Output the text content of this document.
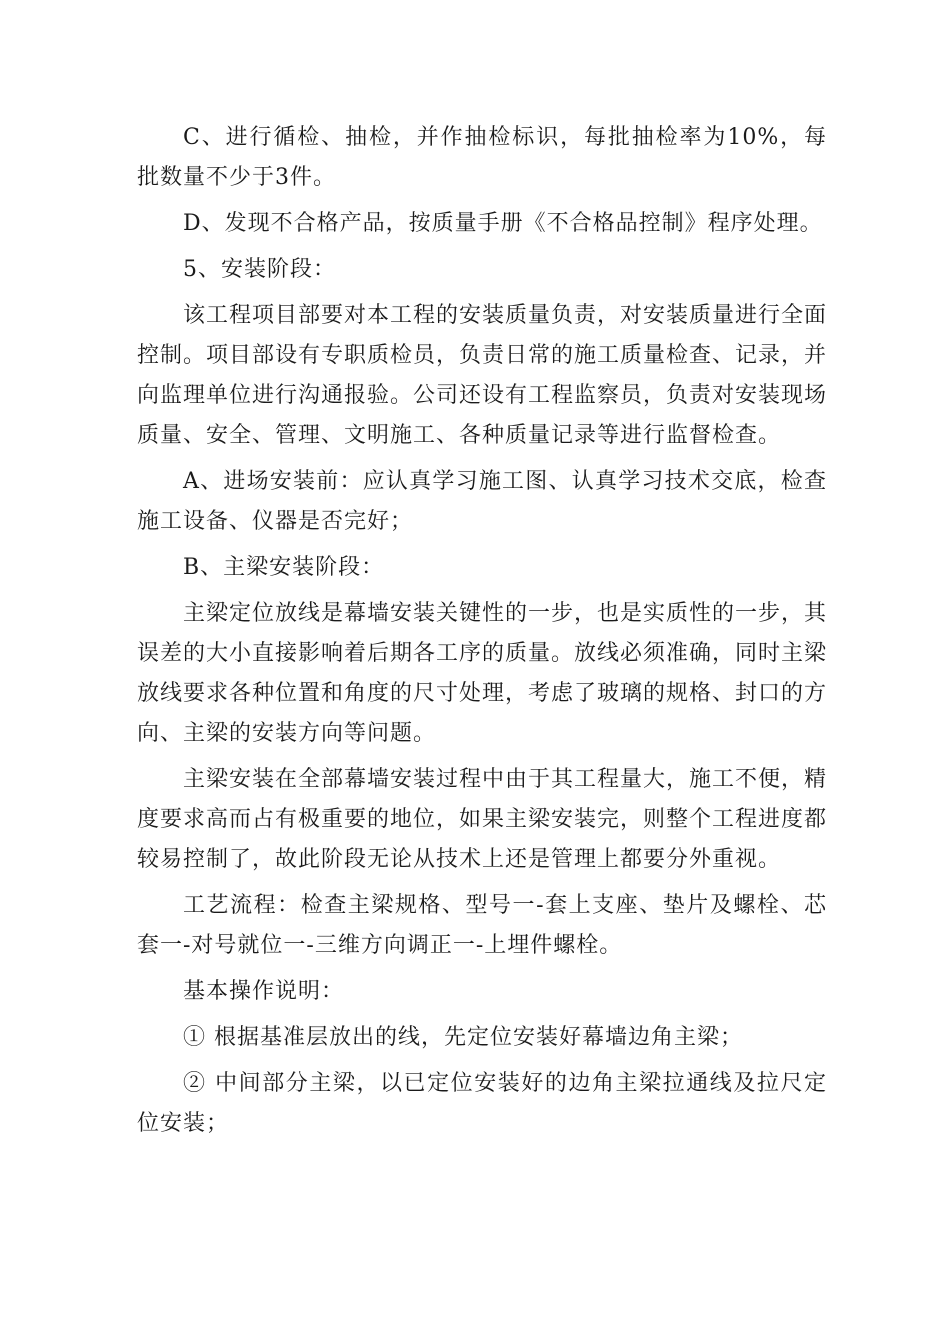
C、进行循检、抽检，并作抽检标识，每批抽检率为10%，每批数量不少于3件。

D、发现不合格产品，按质量手册《不合格品控制》程序处理。

5、安装阶段：

该工程项目部要对本工程的安装质量负责，对安装质量进行全面控制。项目部设有专职质检员，负责日常的施工质量检查、记录，并向监理单位进行沟通报验。公司还设有工程监察员，负责对安装现场质量、安全、管理、文明施工、各种质量记录等进行监督检查。

A、进场安装前：应认真学习施工图、认真学习技术交底，检查施工设备、仪器是否完好；

B、主梁安装阶段：

主梁定位放线是幕墙安装关键性的一步，也是实质性的一步，其误差的大小直接影响着后期各工序的质量。放线必须准确，同时主梁放线要求各种位置和角度的尺寸处理，考虑了玻璃的规格、封口的方向、主梁的安装方向等问题。

主梁安装在全部幕墙安装过程中由于其工程量大，施工不便，精度要求高而占有极重要的地位，如果主梁安装完，则整个工程进度都较易控制了，故此阶段无论从技术上还是管理上都要分外重视。

工艺流程：检查主梁规格、型号一-套上支座、垫片及螺栓、芯套一-对号就位一-三维方向调正一-上埋件螺栓。

基本操作说明：

① 根据基准层放出的线，先定位安装好幕墙边角主梁；

② 中间部分主梁，以已定位安装好的边角主梁拉通线及拉尺定位安装；
